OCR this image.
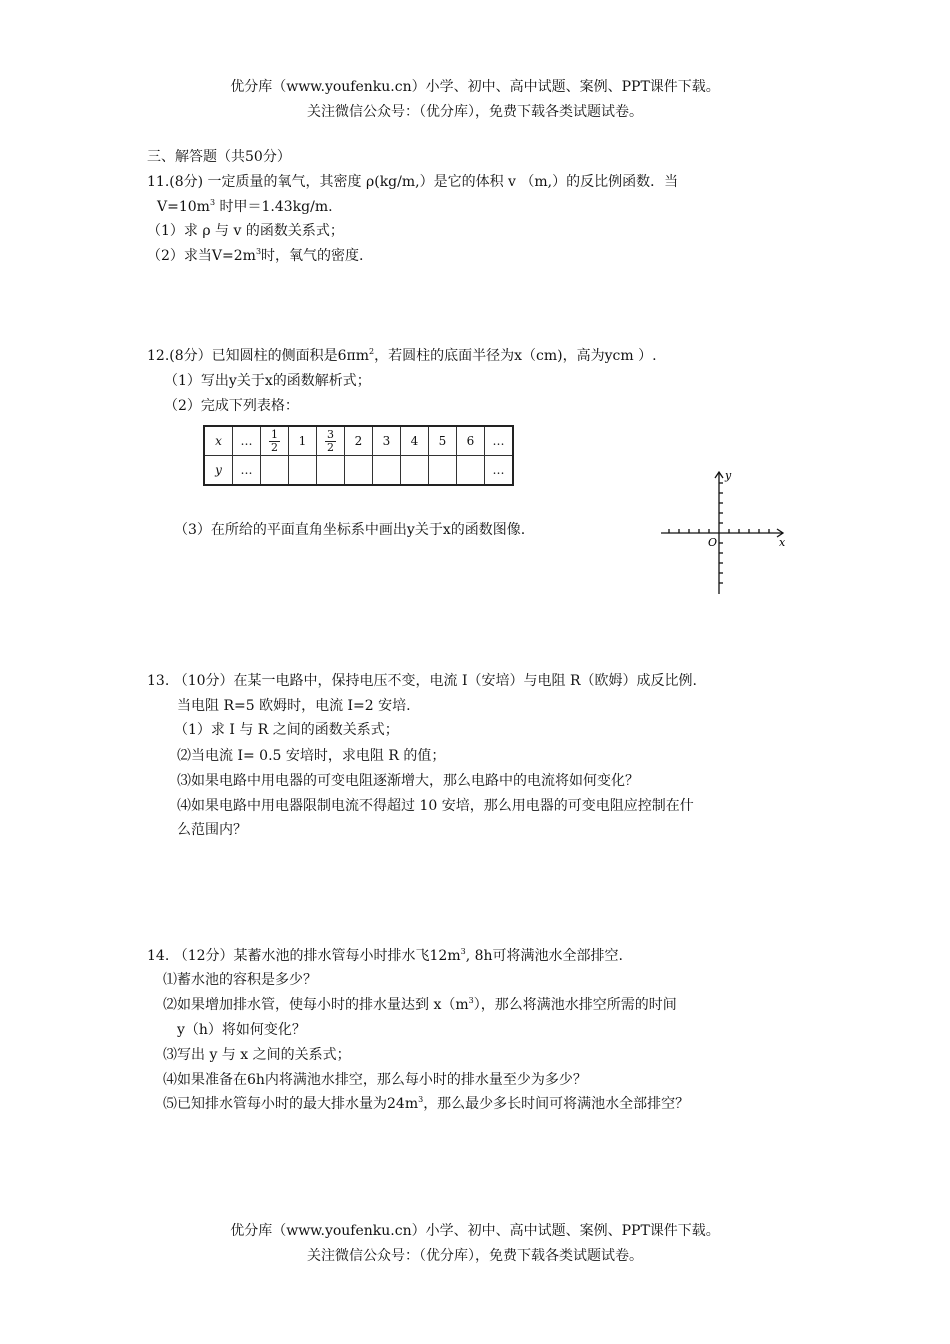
优分库（www.youfenku.cn）小学、初中、高中试题、案例、PPT课件下载。
关注微信公众号：（优分库），免费下载各类试题试卷。
三、解答题（共50分）
11.(8分) 一定质量的氧气，其密度 ρ(kg/m,）是它的体积 v （m,）的反比例函数．当
$V=10m^3$ 时甲＝1.43kg/m.
（1）求 ρ 与 v 的函数关系式；
（2）求当$V=2m^3$时，氧气的密度.
12.(8分）已知圆柱的侧面积是$6\pi m^2$，若圆柱的底面半径为x（cm)，高为ycm ）.
（1）写出y关于x的函数解析式；
（2）完成下列表格：
x	…	$\frac{1}{2}$	1	$\frac{3}{2}$	2	3	4	5	6	…
y	…									…
（3）在所给的平面直角坐标系中画出y关于x的函数图像.
x
y
O
13. （10分）在某一电路中，保持电压不变，电流 I（安培）与电阻 R（欧姆）成反比例.
当电阻 R=5 欧姆时，电流 I=2 安培.
（1）求 I 与 R 之间的函数关系式；
⑵当电流 I= 0.5 安培时，求电阻 R 的值；
⑶如果电路中用电器的可变电阻逐渐增大，那么电路中的电流将如何变化？
⑷如果电路中用电器限制电流不得超过 10 安培，那么用电器的可变电阻应控制在什
么范围内？
14. （12分）某蓄水池的排水管每小时排水飞$12m^3$, 8h可将满池水全部排空.
⑴蓄水池的容积是多少？
⑵如果增加排水管，使每小时的排水量达到 $x(m^3)$，那么将满池水排空所需的时间
y（h）将如何变化？
⑶写出 y 与 x 之间的关系式；
⑷如果准备在6h内将满池水排空，那么每小时的排水量至少为多少？
⑸已知排水管每小时的最大排水量为$24m^3$，那么最少多长时间可将满池水全部排空？
优分库（www.youfenku.cn）小学、初中、高中试题、案例、PPT课件下载。
关注微信公众号：（优分库），免费下载各类试题试卷。
